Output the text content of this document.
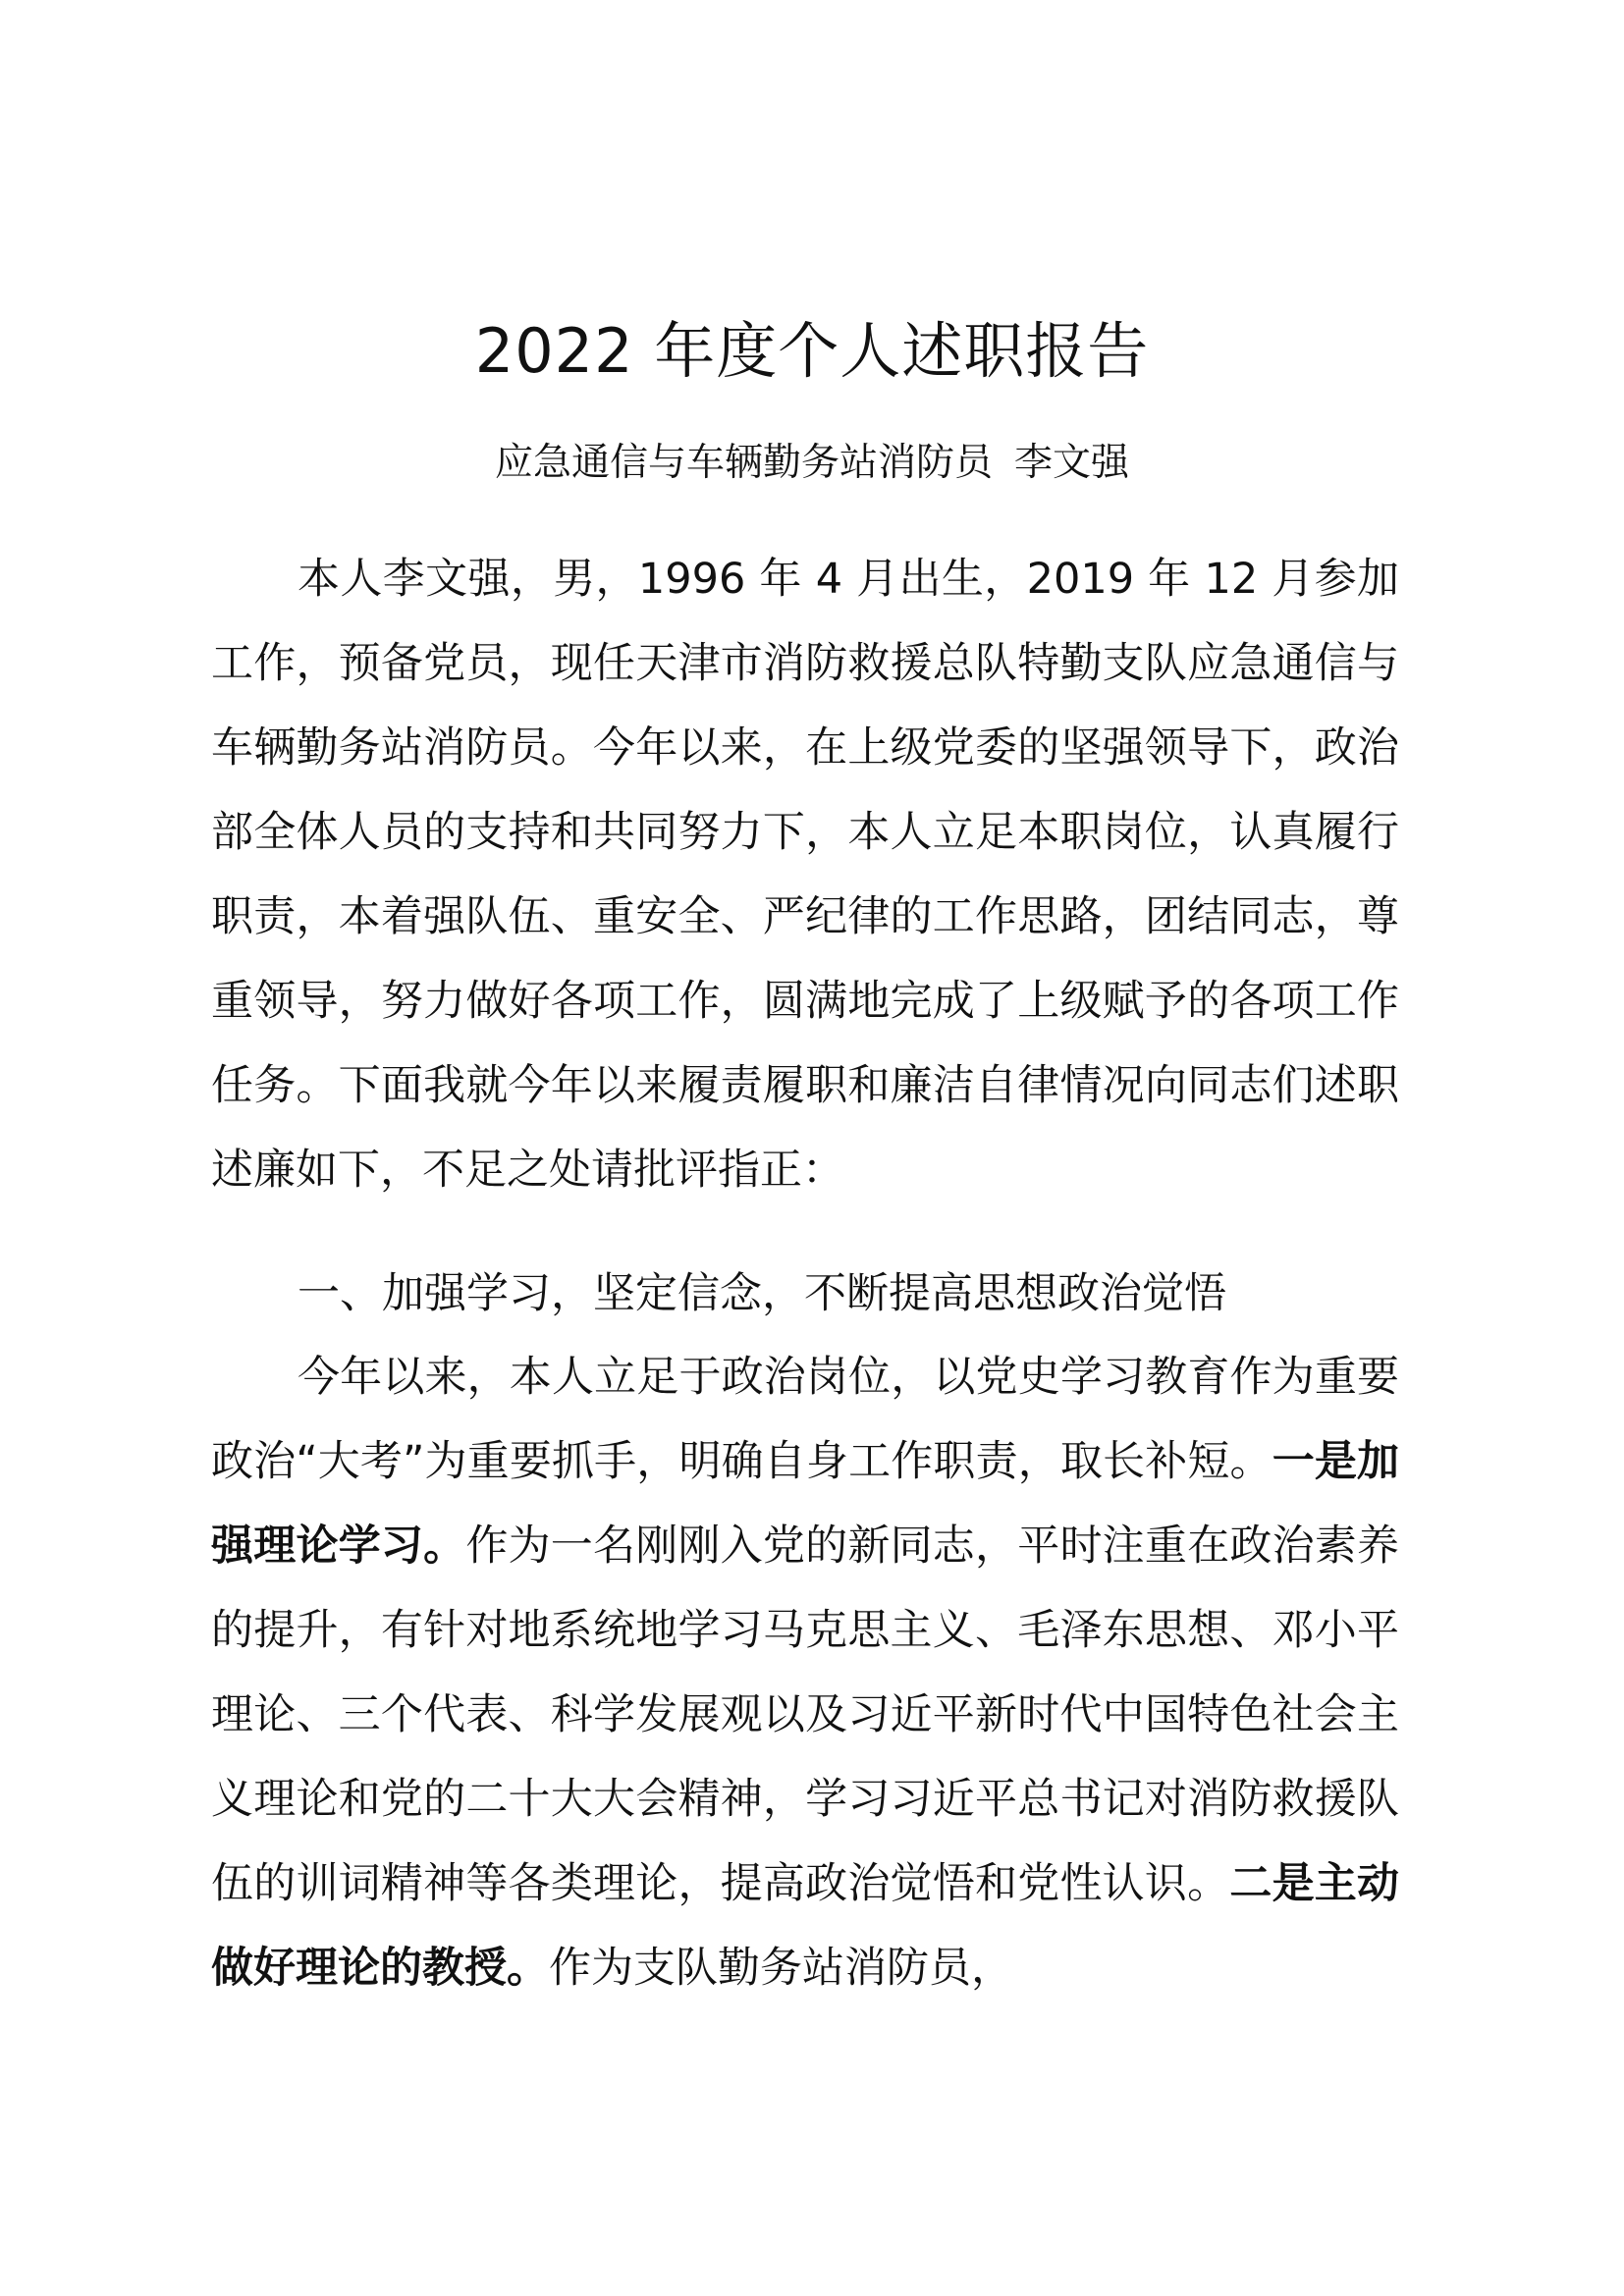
2022 年度个人述职报告

应急通信与车辆勤务站消防员 李文强

本人李文强，男，1996 年 4 月出生，2019 年 12 月参加工作，预备党员，现任天津市消防救援总队特勤支队应急通信与车辆勤务站消防员。今年以来，在上级党委的坚强领导下，政治部全体人员的支持和共同努力下，本人立足本职岗位，认真履行职责，本着强队伍、重安全、严纪律的工作思路，团结同志，尊重领导，努力做好各项工作，圆满地完成了上级赋予的各项工作任务。下面我就今年以来履责履职和廉洁自律情况向同志们述职述廉如下，不足之处请批评指正：

一、加强学习，坚定信念，不断提高思想政治觉悟

今年以来，本人立足于政治岗位，以党史学习教育作为重要政治“大考”为重要抓手，明确自身工作职责，取长补短。一是加强理论学习。作为一名刚刚入党的新同志，平时注重在政治素养的提升，有针对地系统地学习马克思主义、毛泽东思想、邓小平理论、三个代表、科学发展观以及习近平新时代中国特色社会主义理论和党的二十大大会精神，学习习近平总书记对消防救援队伍的训词精神等各类理论，提高政治觉悟和党性认识。二是主动做好理论的教授。作为支队勤务站消防员，
